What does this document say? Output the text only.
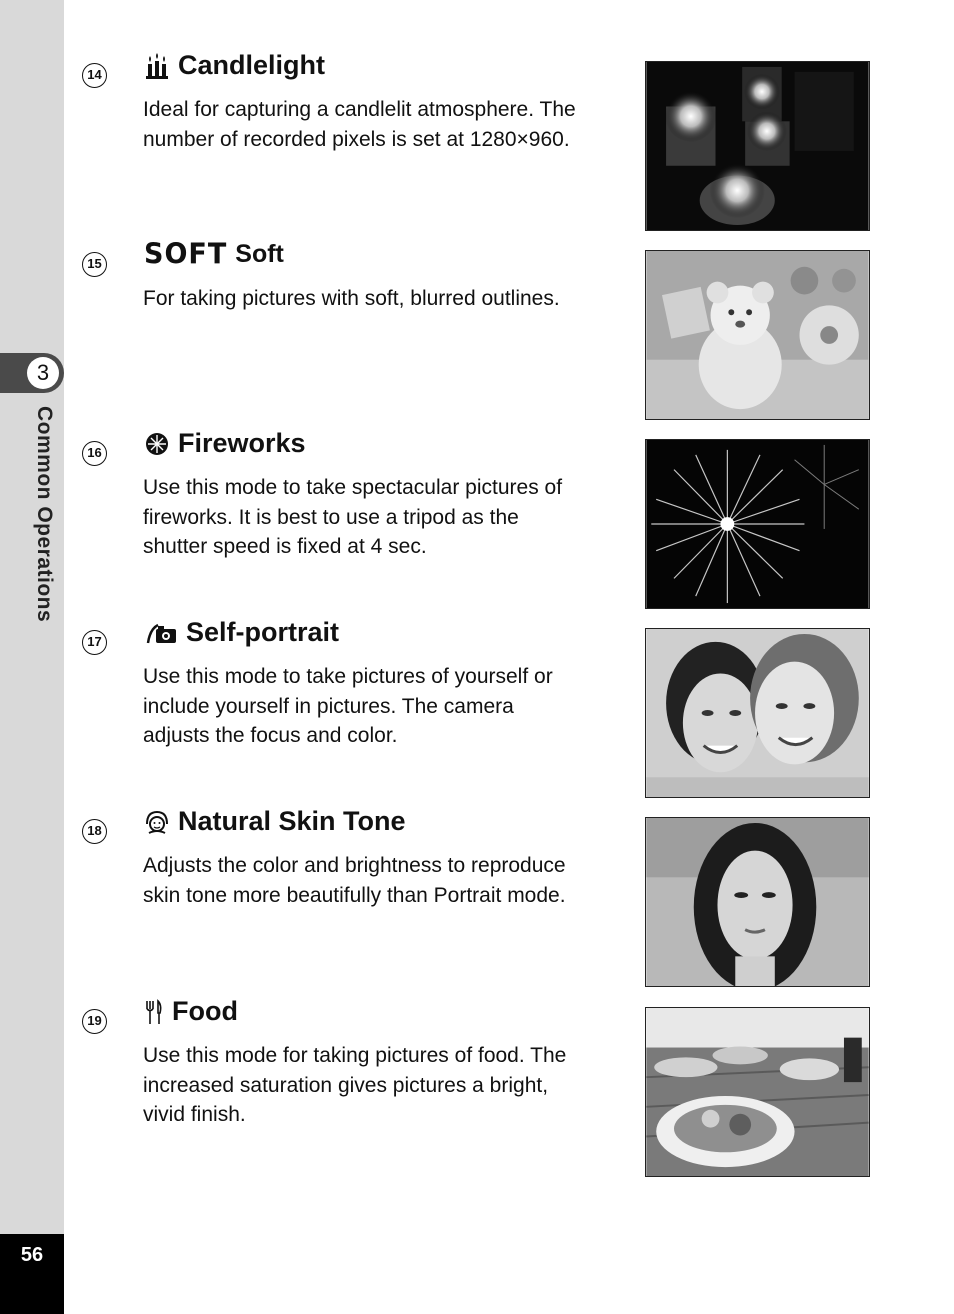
3
Common Operations
56
14	Candlelight
Ideal for capturing a candlelit atmosphere. The
number of recorded pixels is set at 1280×960.
15 SOFT Soft
For taking pictures with soft, blurred outlines.
16	Fireworks
Use this mode to take spectacular pictures of
fireworks. It is best to use a tripod as the
shutter speed is fixed at 4 sec.
17	Self-portrait
Use this mode to take pictures of yourself or
include yourself in pictures. The camera
adjusts the focus and color.
18	Natural Skin Tone
Adjusts the color and brightness to reproduce
skin tone more beautifully than Portrait mode.
19	Food
Use this mode for taking pictures of food. The
increased saturation gives pictures a bright,
vivid finish.
